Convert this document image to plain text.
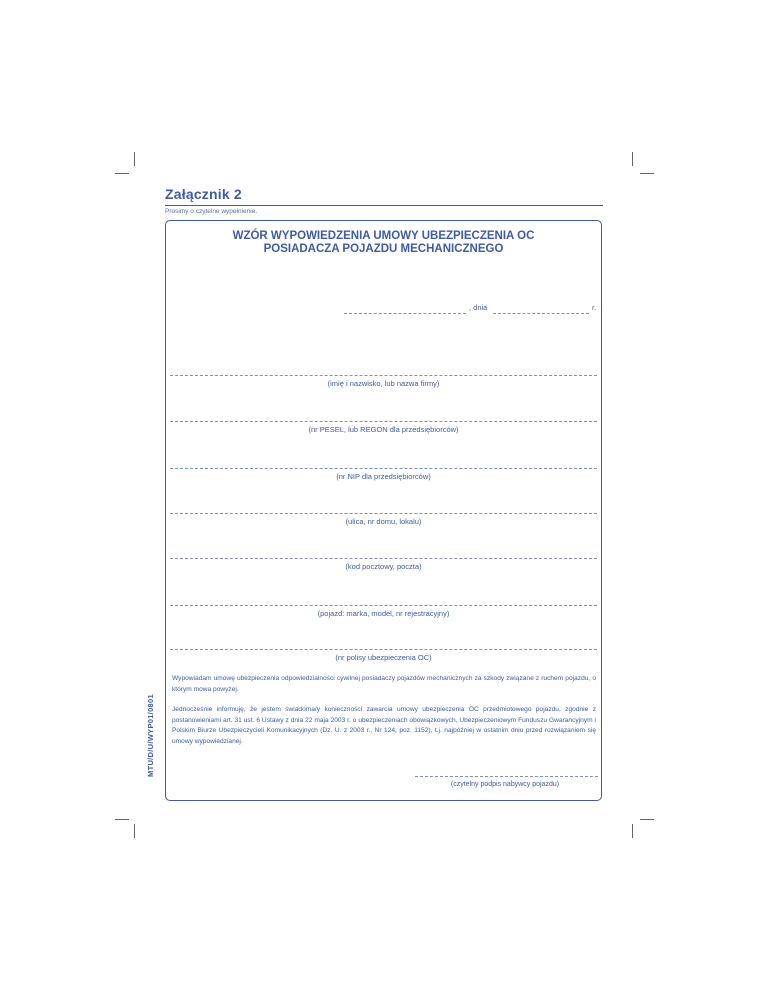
Załącznik 2
Prosimy o czytelne wypełnienie.
MTU/D/U/WYP01/0801
WZÓR WYPOWIEDZENIA UMOWY UBEZPIECZENIA OC
POSIADACZA POJAZDU MECHANICZNEGO
, dnia	r.
(imię i nazwisko, lub nazwa firmy)
(nr PESEL, lub REGON dla przedsiębiorców)
(nr NIP dla przedsiębiorców)
(ulica, nr domu, lokalu)
(kod pocztowy, poczta)
(pojazd: marka, model, nr rejestracyjny)
(nr polisy ubezpieczenia OC)

Wypowiadam umowę ubezpieczenia odpowiedzialności cywilnej posiadaczy pojazdów mechanicznych za szkody związane z ruchem pojazdu, o którym mowa powyżej.

Jednocześnie informuję, że jestem świadoma/y konieczności zawarcia umowy ubezpieczenia OC przedmiotowego pojazdu, zgodnie z postanowieniami art. 31 ust. 6 Ustawy z dnia 22 maja 2003 r. o ubezpieczeniach obowiązkowych, Ubezpieczeniowym Funduszu Gwarancyjnym i Polskim Biurze Ubezpieczycieli Komunikacyjnych (Dz. U. z 2003 r., Nr 124, poz. 1152), t.j. najpóźniej w ostatnim dniu przed rozwiązaniem się umowy wypowiedzianej.

(czytelny podpis nabywcy pojazdu)
